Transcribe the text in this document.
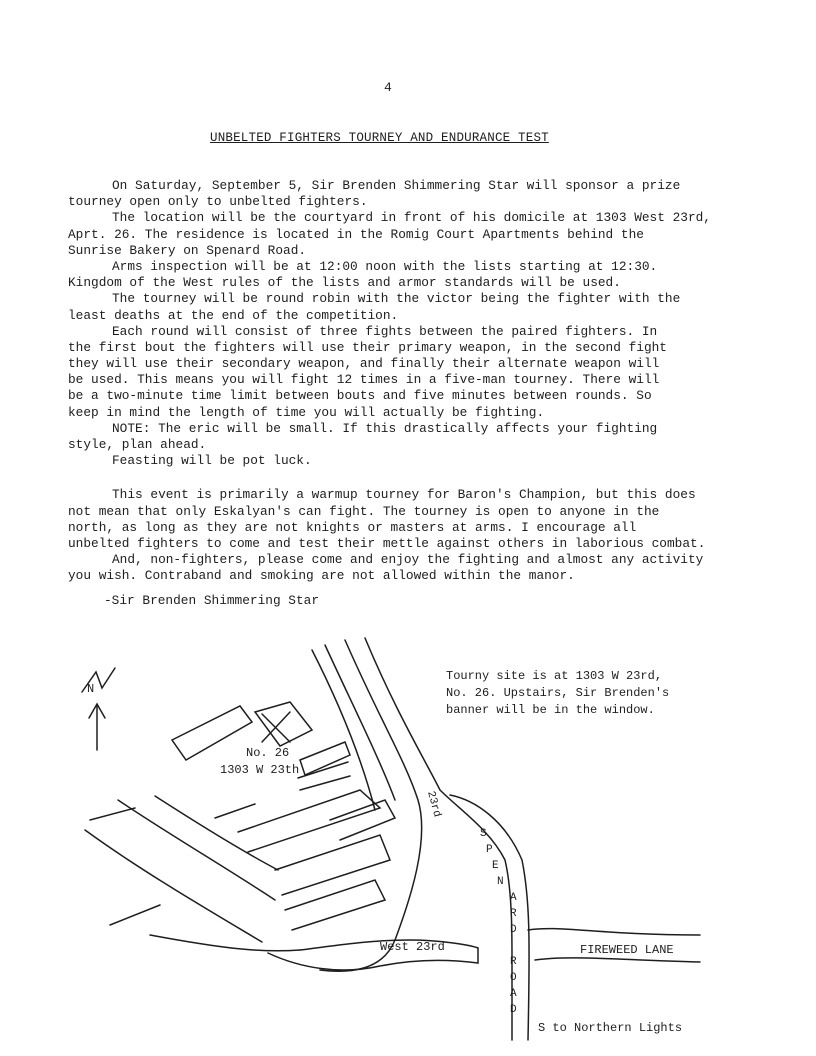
4
UNBELTED FIGHTERS TOURNEY AND ENDURANCE TEST
On Saturday, September 5, Sir Brenden Shimmering Star will sponsor a prize
tourney open only to unbelted fighters.
The location will be the courtyard in front of his domicile at 1303 West 23rd,
Aprt. 26. The residence is located in the Romig Court Apartments behind the
Sunrise Bakery on Spenard Road.
Arms inspection will be at 12:00 noon with the lists starting at 12:30.
Kingdom of the West rules of the lists and armor standards will be used.
The tourney will be round robin with the victor being the fighter with the
least deaths at the end of the competition.
Each round will consist of three fights between the paired fighters. In
the first bout the fighters will use their primary weapon, in the second fight
they will use their secondary weapon, and finally their alternate weapon will
be used. This means you will fight 12 times in a five-man tourney. There will
be a two-minute time limit between bouts and five minutes between rounds. So
keep in mind the length of time you will actually be fighting.
NOTE: The eric will be small. If this drastically affects your fighting
style, plan ahead.
Feasting will be pot luck.
This event is primarily a warmup tourney for Baron's Champion, but this does
not mean that only Eskalyan's can fight. The tourney is open to anyone in the
north, as long as they are not knights or masters at arms. I encourage all
unbelted fighters to come and test their mettle against others in laborious combat.
And, non-fighters, please come and enjoy the fighting and almost any activity
you wish. Contraband and smoking are not allowed within the manor.
-Sir Brenden Shimmering Star
Tourny site is at 1303 W 23rd,
No. 26. Upstairs, Sir Brenden's
banner will be in the window.
No. 26
1303 W 23th
23rd
West 23rd	FIREWEED LANE
S
P
E
N
A
R
D
R
O
A
D
S to Northern Lights
N
